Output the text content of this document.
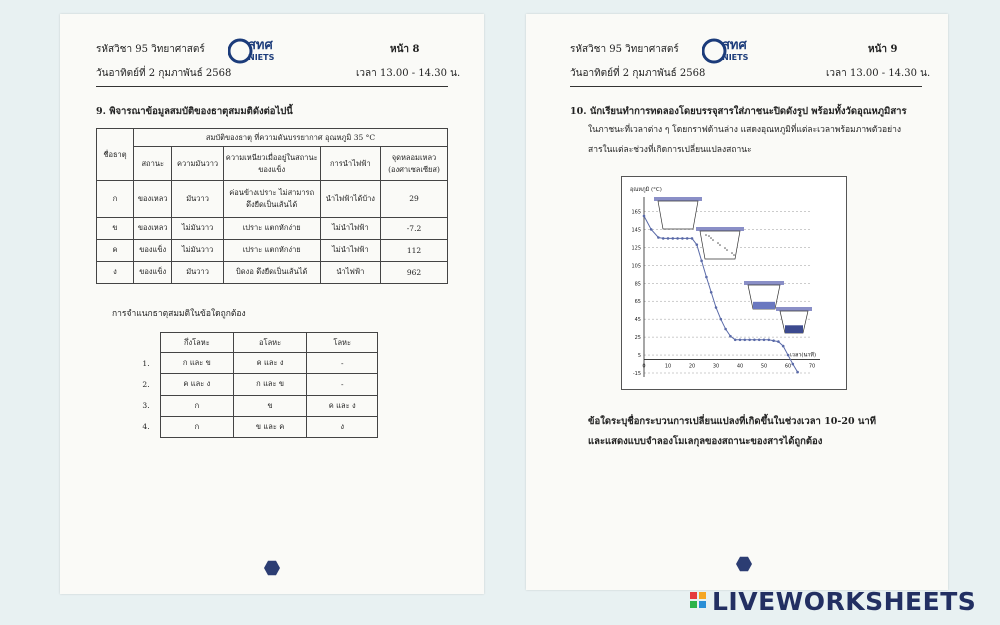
รหัสวิชา 95 วิทยาศาสตร์
วันอาทิตย์ที่ 2 กุมภาพันธ์ 2568
สทศ
NIETS
หน้า 8
เวลา 13.00 - 14.30 น.
9. พิจารณาข้อมูลสมบัติของธาตุสมมติดังต่อไปนี้
ชื่อธาตุ	สมบัติของธาตุ ที่ความดันบรรยากาศ อุณหภูมิ 35 °C				
	สถานะ	ความมันวาว	ความเหนียวเมื่ออยู่ในสถานะของแข็ง	การนำไฟฟ้า	จุดหลอมเหลว (องศาเซลเซียส)
ก	ของเหลว	มันวาว	ค่อนข้างเปราะ ไม่สามารถดึงยืดเป็นเส้นได้	นำไฟฟ้าได้บ้าง	29
ข	ของเหลว	ไม่มันวาว	เปราะ แตกหักง่าย	ไม่นำไฟฟ้า	-7.2
ค	ของแข็ง	ไม่มันวาว	เปราะ แตกหักง่าย	ไม่นำไฟฟ้า	112
ง	ของแข็ง	มันวาว	บิดงอ ดึงยืดเป็นเส้นได้	นำไฟฟ้า	962
การจำแนกธาตุสมมติในข้อใดถูกต้อง
	กึ่งโลหะ	อโลหะ	โลหะ
1.	ก และ ข	ค และ ง	-
2.	ค และ ง	ก และ ข	-
3.	ก	ข	ค และ ง
4.	ก	ข และ ค	ง
รหัสวิชา 95 วิทยาศาสตร์
วันอาทิตย์ที่ 2 กุมภาพันธ์ 2568
สทศ
NIETS
หน้า 9
เวลา 13.00 - 14.30 น.
10. นักเรียนทำการทดลองโดยบรรจุสารใส่ภาชนะปิดดังรูป พร้อมทั้งวัดอุณหภูมิสาร
ในภาชนะที่เวลาต่าง ๆ โดยกราฟด้านล่าง แสดงอุณหภูมิที่แต่ละเวลาพร้อมภาพตัวอย่าง
สารในแต่ละช่วงที่เกิดการเปลี่ยนแปลงสถานะ
165
145
125
105
85
65
45
25
5
-15
0	10	20	30	40	50	60	70
อุณหภูมิ (°C)
เวลา(นาที)
ข้อใดระบุชื่อกระบวนการเปลี่ยนแปลงที่เกิดขึ้นในช่วงเวลา 10-20 นาที
และแสดงแบบจำลองโมเลกุลของสถานะของสารได้ถูกต้อง
LIVEWORKSHEETS
